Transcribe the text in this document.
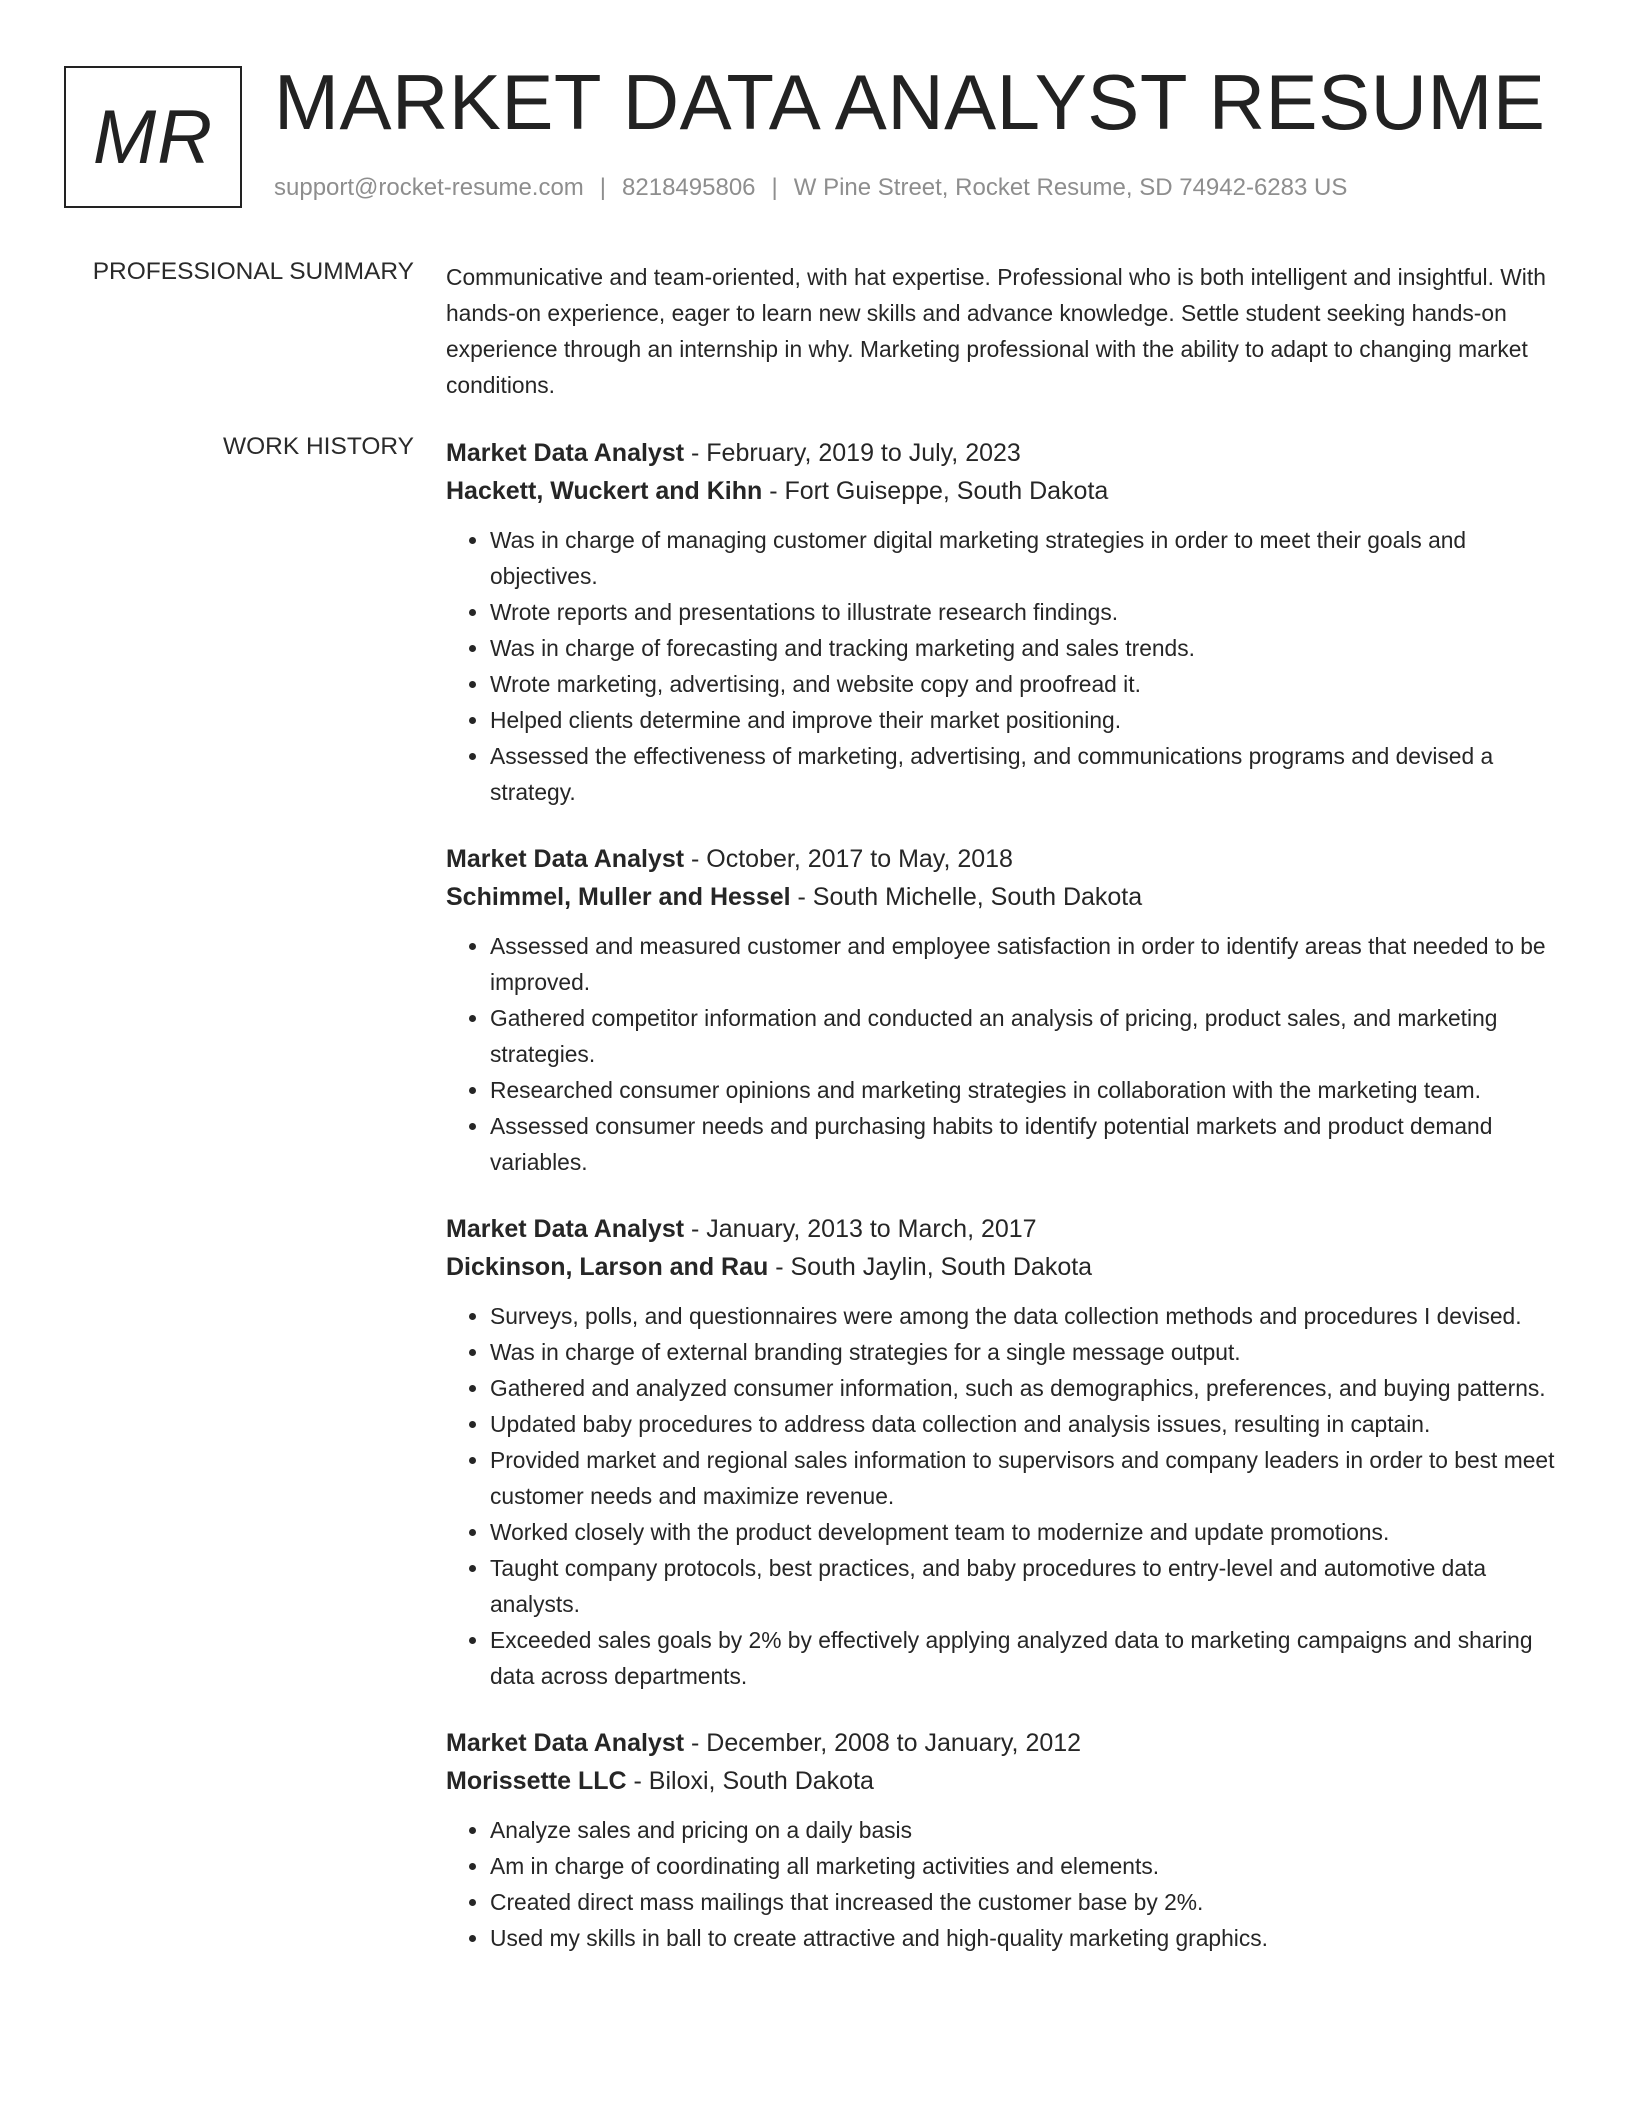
MR MARKET DATA ANALYST RESUME
support@rocket-resume.com | 8218495806 | W Pine Street, Rocket Resume, SD 74942-6283 US
PROFESSIONAL SUMMARY Communicative and team-oriented, with hat expertise. Professional who is both intelligent and insightful. With hands-on experience, eager to learn new skills and advance knowledge. Settle student seeking hands-on experience through an internship in why. Marketing professional with the ability to adapt to changing market conditions.
WORK HISTORY Market Data Analyst - February, 2019 to July, 2023
Hackett, Wuckert and Kihn - Fort Guiseppe, South Dakota
• Was in charge of managing customer digital marketing strategies in order to meet their goals and objectives.
• Wrote reports and presentations to illustrate research findings.
• Was in charge of forecasting and tracking marketing and sales trends.
• Wrote marketing, advertising, and website copy and proofread it.
• Helped clients determine and improve their market positioning.
• Assessed the effectiveness of marketing, advertising, and communications programs and devised a strategy.
Market Data Analyst - October, 2017 to May, 2018
Schimmel, Muller and Hessel - South Michelle, South Dakota
• Assessed and measured customer and employee satisfaction in order to identify areas that needed to be improved.
• Gathered competitor information and conducted an analysis of pricing, product sales, and marketing strategies.
• Researched consumer opinions and marketing strategies in collaboration with the marketing team.
• Assessed consumer needs and purchasing habits to identify potential markets and product demand variables.
Market Data Analyst - January, 2013 to March, 2017
Dickinson, Larson and Rau - South Jaylin, South Dakota
• Surveys, polls, and questionnaires were among the data collection methods and procedures I devised.
• Was in charge of external branding strategies for a single message output.
• Gathered and analyzed consumer information, such as demographics, preferences, and buying patterns.
• Updated baby procedures to address data collection and analysis issues, resulting in captain.
• Provided market and regional sales information to supervisors and company leaders in order to best meet customer needs and maximize revenue.
• Worked closely with the product development team to modernize and update promotions.
• Taught company protocols, best practices, and baby procedures to entry-level and automotive data analysts.
• Exceeded sales goals by 2% by effectively applying analyzed data to marketing campaigns and sharing data across departments.
Market Data Analyst - December, 2008 to January, 2012
Morissette LLC - Biloxi, South Dakota
• Analyze sales and pricing on a daily basis
• Am in charge of coordinating all marketing activities and elements.
• Created direct mass mailings that increased the customer base by 2%.
• Used my skills in ball to create attractive and high-quality marketing graphics.
